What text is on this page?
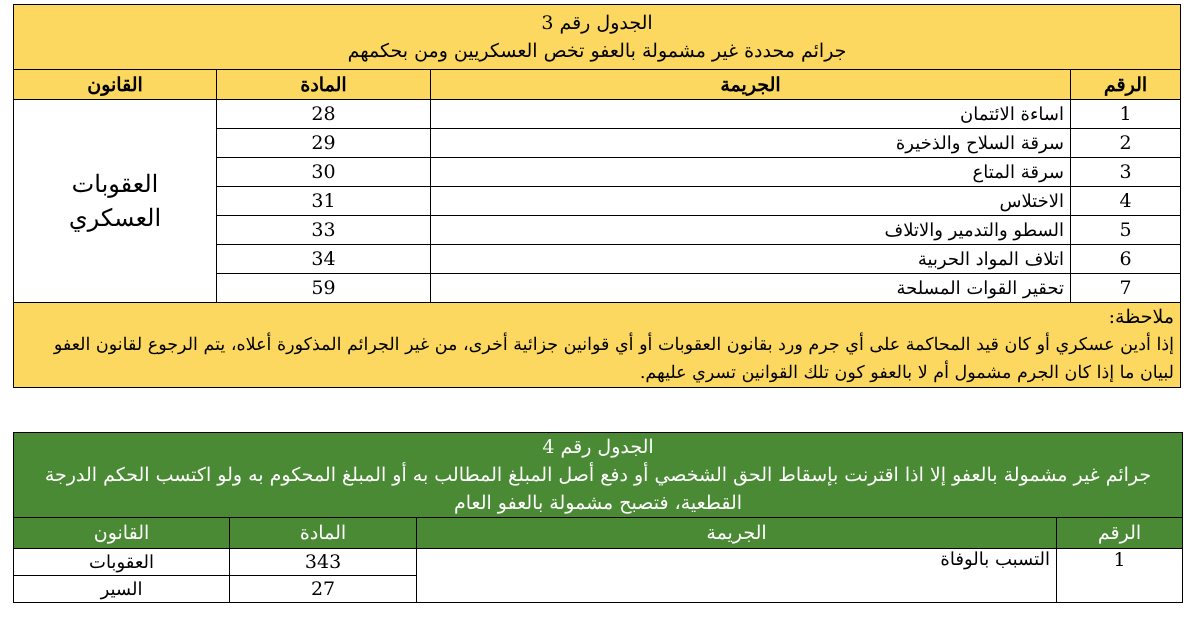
الجدول رقم 3
جرائم محددة غير مشمولة بالعفو تخص العسكريين ومن بحكمهم			

الرقم	الجريمة	المادة	القانون
1	اساءة الائتمان	28	العقوبات
العسكري

2	سرقة السلاح والذخيرة	29	
3	سرقة المتاع	30	
4	الاختلاس	31	
5	السطو والتدمير والاتلاف	33	
6	اتلاف المواد الحربية	34	
7	تحقير القوات المسلحة	59	

ملاحظة:
إذا أدين عسكري أو كان قيد المحاكمة على أي جرم ورد بقانون العقوبات أو أي قوانين جزائية أخرى، من غير الجرائم المذكورة أعلاه، يتم الرجوع لقانون العفو لبيان ما إذا كان الجرم مشمول أم لا بالعفو كون تلك القوانين تسري عليهم.			
الجدول رقم 4
جرائم غير مشمولة بالعفو إلا اذا اقترنت بإسقاط الحق الشخصي أو دفع أصل المبلغ المطالب به أو المبلغ المحكوم به ولو اكتسب الحكم الدرجة القطعية، فتصبح مشمولة بالعفو العام			

الرقم	الجريمة	المادة	القانون
1	التسبب بالوفاة	343	العقوبات
		27	السير
